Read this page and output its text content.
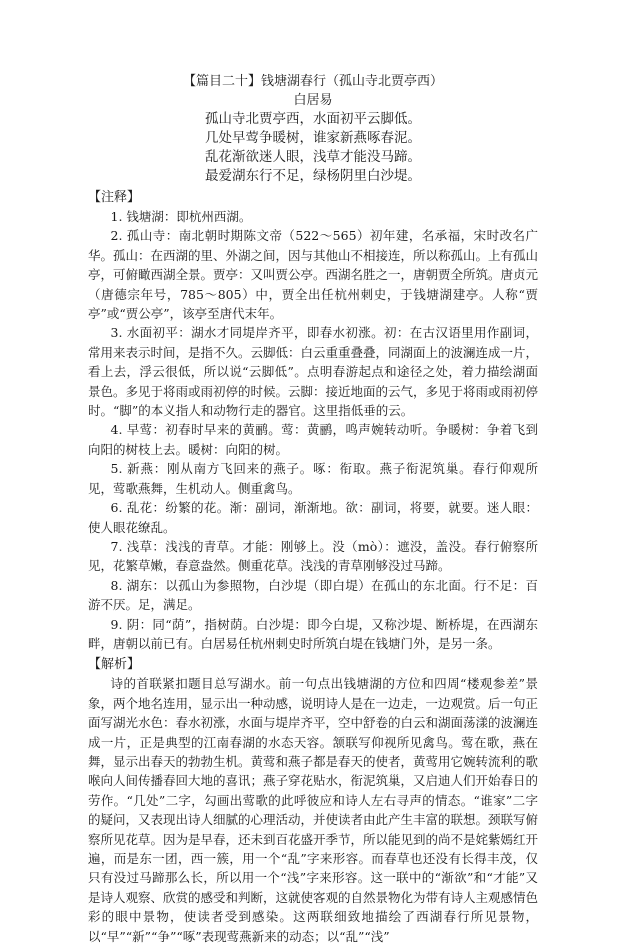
【篇目二十】钱塘湖春行（孤山寺北贾亭西）
白居易
孤山寺北贾亭西，水面初平云脚低。
几处早莺争暖树，谁家新燕啄春泥。
乱花渐欲迷人眼，浅草才能没马蹄。
最爱湖东行不足，绿杨阴里白沙堤。
【注释】

1. 钱塘湖：即杭州西湖。

2. 孤山寺：南北朝时期陈文帝（522～565）初年建，名承福，宋时改名广华。孤山：在西湖的里、外湖之间，因与其他山不相接连，所以称孤山。上有孤山亭，可俯瞰西湖全景。贾亭：又叫贾公亭。西湖名胜之一，唐朝贾全所筑。唐贞元（唐德宗年号，785～805）中，贾全出任杭州刺史，于钱塘湖建亭。人称“贾亭”或“贾公亭”，该亭至唐代末年。

3. 水面初平：湖水才同堤岸齐平，即春水初涨。初：在古汉语里用作副词，常用来表示时间，是指不久。云脚低：白云重重叠叠，同湖面上的波澜连成一片，看上去，浮云很低，所以说“云脚低”。点明春游起点和途径之处，着力描绘湖面景色。多见于将雨或雨初停的时候。云脚：接近地面的云气，多见于将雨或雨初停时。“脚”的本义指人和动物行走的器官。这里指低垂的云。

4. 早莺：初春时早来的黄鹂。莺：黄鹂，鸣声婉转动听。争暖树：争着飞到向阳的树枝上去。暖树：向阳的树。

5. 新燕：刚从南方飞回来的燕子。啄：衔取。燕子衔泥筑巢。春行仰观所见，莺歌燕舞，生机动人。侧重禽鸟。

6. 乱花：纷繁的花。渐：副词，渐渐地。欲：副词，将要，就要。迷人眼：使人眼花缭乱。

7. 浅草：浅浅的青草。才能：刚够上。没（mò）：遮没，盖没。春行俯察所见，花繁草嫩，春意盎然。侧重花草。浅浅的青草刚够没过马蹄。

8. 湖东：以孤山为参照物，白沙堤（即白堤）在孤山的东北面。行不足：百游不厌。足，满足。

9. 阴：同“荫”，指树荫。白沙堤：即今白堤，又称沙堤、断桥堤，在西湖东畔，唐朝以前已有。白居易任杭州刺史时所筑白堤在钱塘门外，是另一条。

【解析】

诗的首联紧扣题目总写湖水。前一句点出钱塘湖的方位和四周“楼观参差”景象，两个地名连用，显示出一种动感，说明诗人是在一边走，一边观赏。后一句正面写湖光水色：春水初涨，水面与堤岸齐平，空中舒卷的白云和湖面荡漾的波澜连成一片，正是典型的江南春湖的水态天容。颔联写仰视所见禽鸟。莺在歌，燕在舞，显示出春天的勃勃生机。黄莺和燕子都是春天的使者，黄莺用它婉转流利的歌喉向人间传播春回大地的喜讯；燕子穿花贴水，衔泥筑巢，又启迪人们开始春日的劳作。“几处”二字，勾画出莺歌的此呼彼应和诗人左右寻声的情态。“谁家”二字的疑问，又表现出诗人细腻的心理活动，并使读者由此产生丰富的联想。颈联写俯察所见花草。因为是早春，还未到百花盛开季节，所以能见到的尚不是姹紫嫣红开遍，而是东一团，西一簇，用一个“乱”字来形容。而春草也还没有长得丰茂，仅只有没过马蹄那么长，所以用一个“浅”字来形容。这一联中的“渐欲”和“才能”又是诗人观察、欣赏的感受和判断，这就使客观的自然景物化为带有诗人主观感情色彩的眼中景物，使读者受到感染。这两联细致地描绘了西湖春行所见景物，以“早”“新”“争”“啄”表现莺燕新来的动态；以“乱”“浅”
